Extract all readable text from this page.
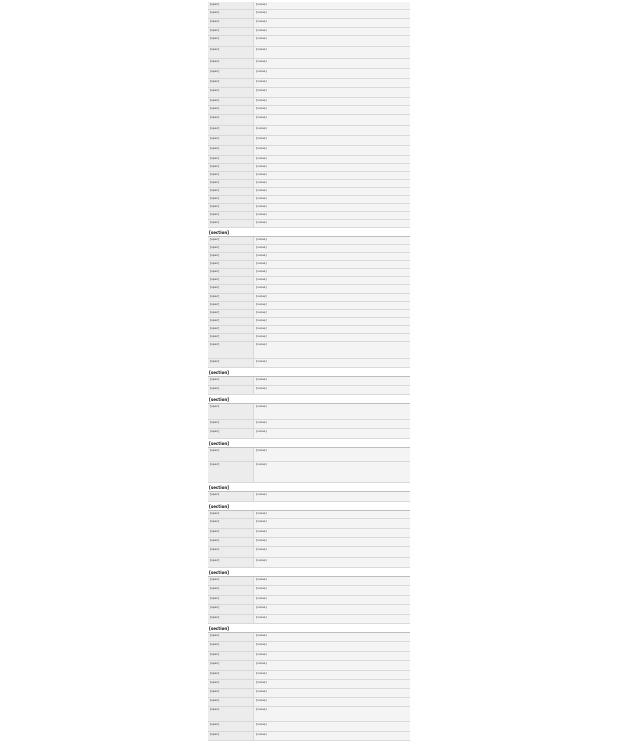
[spec]	[value]
[spec]	[value]
[spec]	[value]
[spec]	[value]
[spec]	[value]
[spec]	[value]
[spec]	[value]
[spec]	[value]
[spec]	[value]
[spec]	[value]
[spec]	[value]
[spec]	[value]
[spec]	[value]
[spec]	[value]
[spec]	[value]
[spec]	[value]
[spec]	[value]
[spec]	[value]
[spec]	[value]
[spec]	[value]
[spec]	[value]
[spec]	[value]
[spec]	[value]
[spec]	[value]
[spec]	[value]
[section]
[spec]	[value]
[spec]	[value]
[spec]	[value]
[spec]	[value]
[spec]	[value]
[spec]	[value]
[spec]	[value]
[spec]	[value]
[spec]	[value]
[spec]	[value]
[spec]	[value]
[spec]	[value]
[spec]	[value]
[spec]	[value]
[spec]	[value]
[section]
[spec]	[value]
[spec]	[value]
[section]
[spec]	[value]
[spec]	[value]
[spec]	[value]
[section]
[spec]	[value]
[spec]	[value]
[section]
[spec]	[value]
[section]
[spec]	[value]
[spec]	[value]
[spec]	[value]
[spec]	[value]
[spec]	[value]
[spec]	[value]
[section]
[spec]	[value]
[spec]	[value]
[spec]	[value]
[spec]	[value]
[spec]	[value]
[section]
[spec]	[value]
[spec]	[value]
[spec]	[value]
[spec]	[value]
[spec]	[value]
[spec]	[value]
[spec]	[value]
[spec]	[value]
[spec]	[value]
[spec]	[value]
[spec]	[value]
